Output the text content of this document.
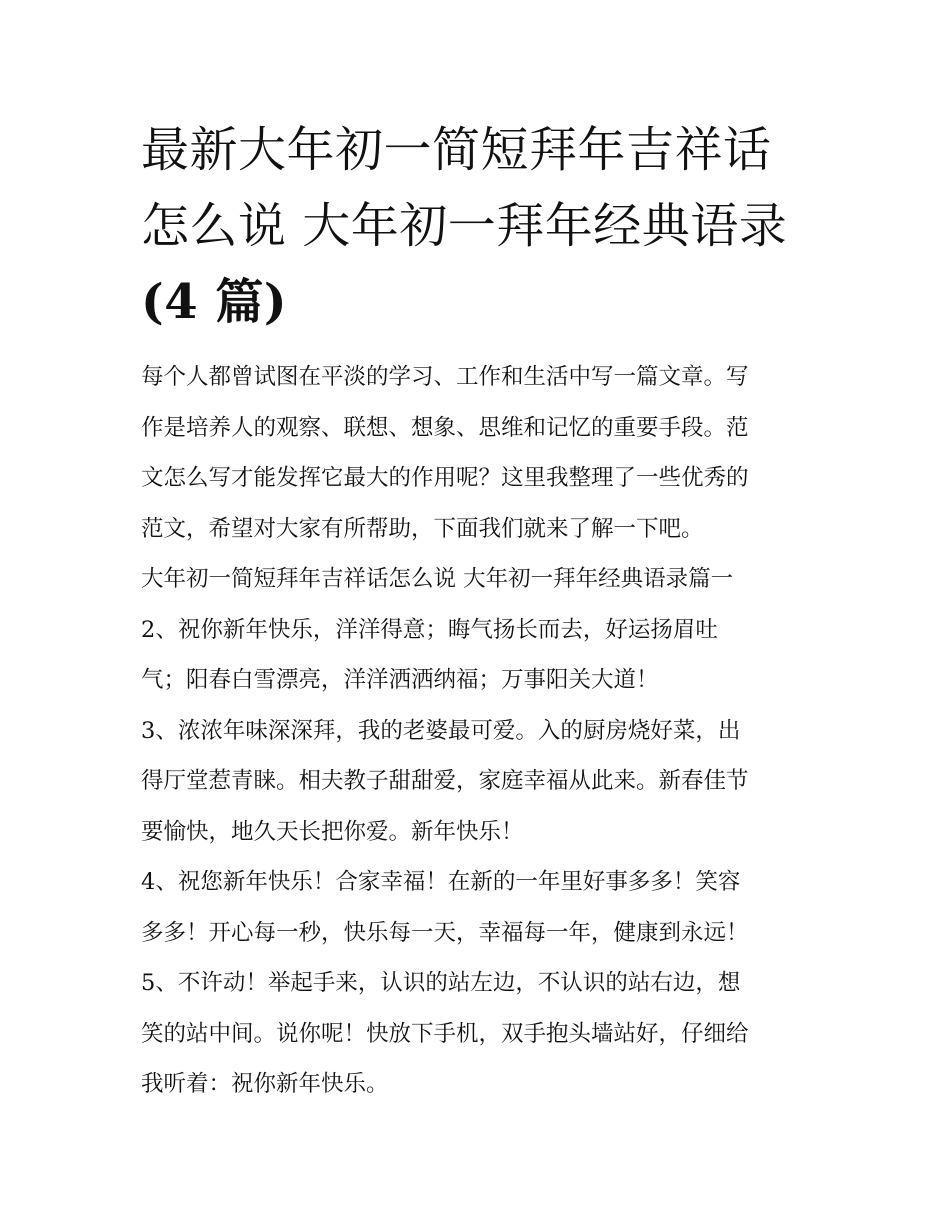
最新大年初一简短拜年吉祥话
怎么说 大年初一拜年经典语录
(4 篇)

每个人都曾试图在平淡的学习、工作和生活中写一篇文章。写
作是培养人的观察、联想、想象、思维和记忆的重要手段。范
文怎么写才能发挥它最大的作用呢？这里我整理了一些优秀的
范文，希望对大家有所帮助，下面我们就来了解一下吧。

大年初一简短拜年吉祥话怎么说 大年初一拜年经典语录篇一

2、祝你新年快乐，洋洋得意；晦气扬长而去，好运扬眉吐
气；阳春白雪漂亮，洋洋洒洒纳福；万事阳关大道！

3、浓浓年味深深拜，我的老婆最可爱。入的厨房烧好菜，出
得厅堂惹青睐。相夫教子甜甜爱，家庭幸福从此来。新春佳节
要愉快，地久天长把你爱。新年快乐！

4、祝您新年快乐！合家幸福！在新的一年里好事多多！笑容
多多！开心每一秒，快乐每一天，幸福每一年，健康到永远！

5、不许动！举起手来，认识的站左边，不认识的站右边，想
笑的站中间。说你呢！快放下手机，双手抱头墙站好，仔细给
我听着：祝你新年快乐。
